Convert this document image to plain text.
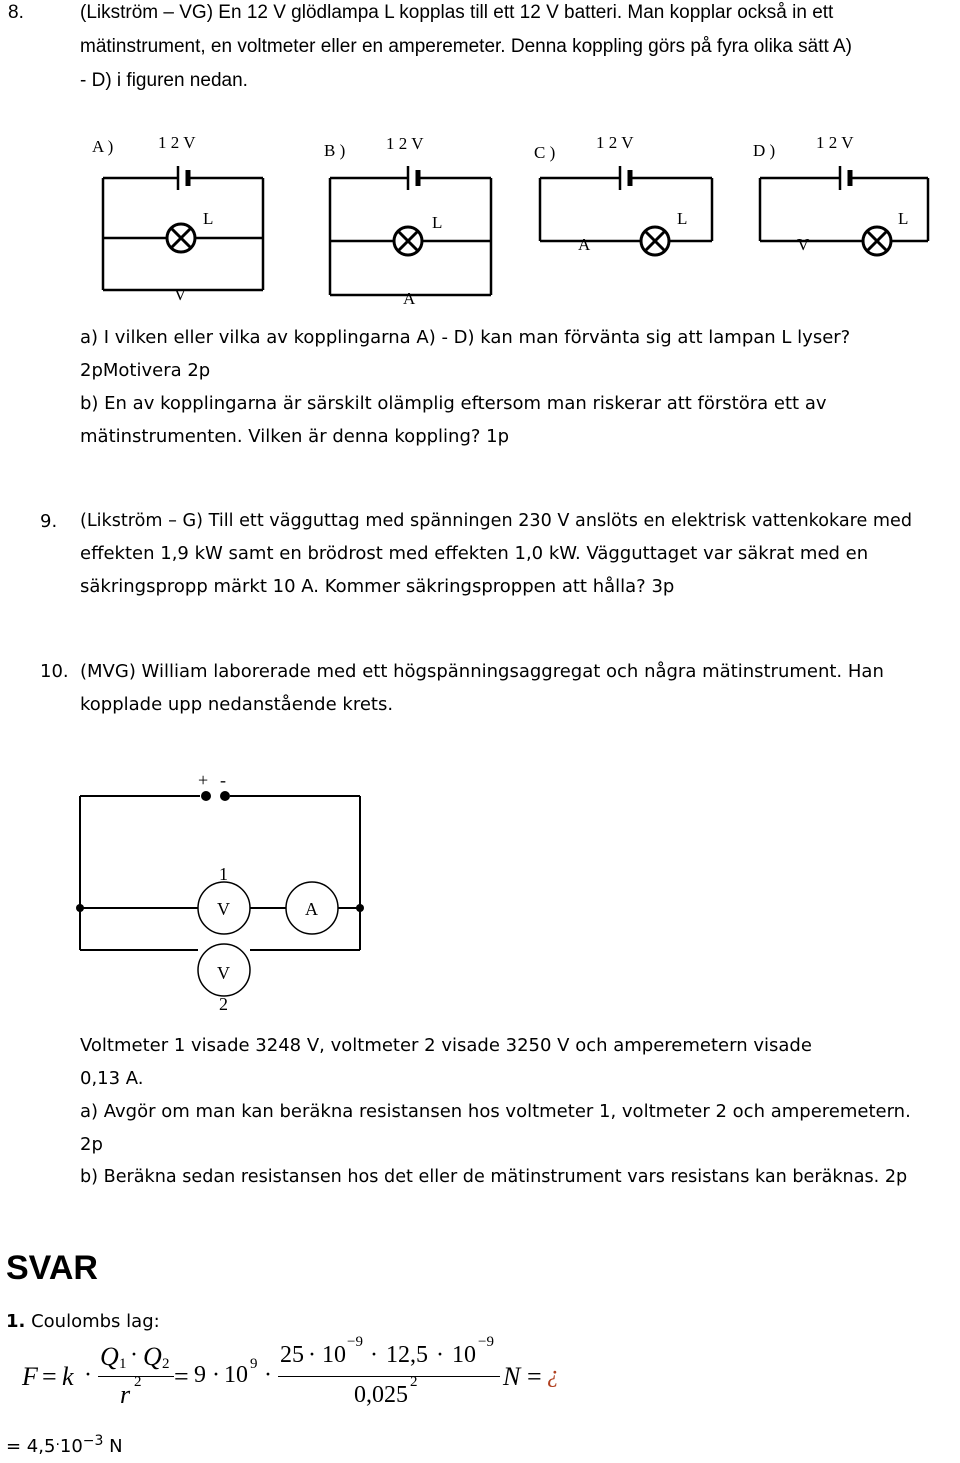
8.	(Likström – VG) En 12 V glödlampa L kopplas till ett 12 V batteri. Man kopplar också in ett
mätinstrument, en voltmeter eller en amperemeter. Denna koppling görs på fyra olika sätt A)
- D) i figuren nedan.
A )	1 2 V
L
V
B ) 1 2 V
L
A
C )
1 2 V
L
A
D ) 1 2 V
L
V
a) I vilken eller vilka av kopplingarna A) - D) kan man förvänta sig att lampan L lyser?
2pMotivera 2p
b) En av kopplingarna är särskilt olämplig eftersom man riskerar att förstöra ett av
mätinstrumenten. Vilken är denna koppling? 1p
9. (Likström – G) Till ett vägguttag med spänningen 230 V anslöts en elektrisk vattenkokare med
effekten 1,9 kW samt en brödrost med effekten 1,0 kW. Vägguttaget var säkrat med en
säkringspropp märkt 10 A. Kommer säkringsproppen att hålla? 3p
10. (MVG) William laborerade med ett högspänningsaggregat och några mätinstrument. Han
kopplade upp nedanstående krets.
+ -
1
V	A
V
2
Voltmeter 1 visade 3248 V, voltmeter 2 visade 3250 V och amperemetern visade
0,13 A.
a) Avgör om man kan beräkna resistansen hos voltmeter 1, voltmeter 2 och amperemetern.
2p
b) Beräkna sedan resistansen hos det eller de mätinstrument vars resistans kan beräknas. 2p
SVAR
1. Coulombs lag:
F = k ·
Q 1 · Q 2
r 2 = 9 · 10 9 ·
25 · 10 −9 · 12,5 · 10 −9
0,025 2	N = ¿
= $4,5\cdot 10^{-3}$ N
